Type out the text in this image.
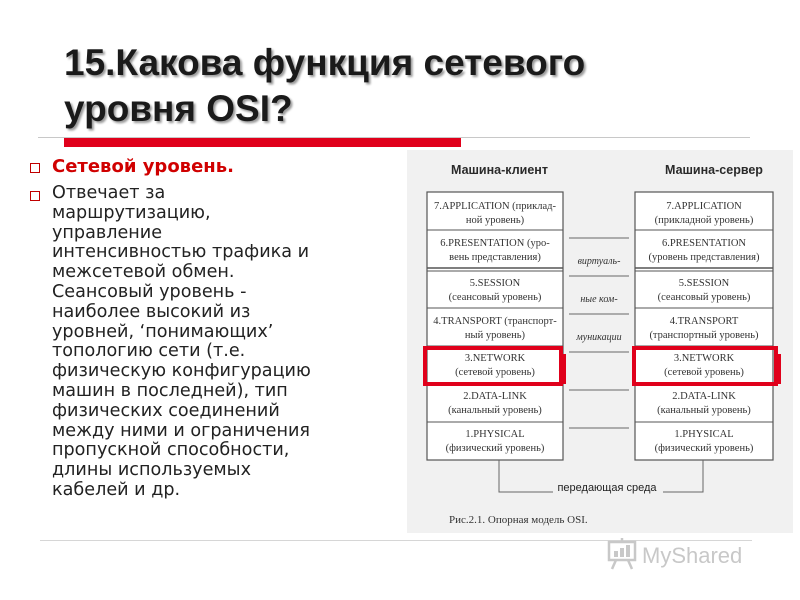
15.Какова функция сетевого
уровня OSI?
Сетевой уровень.
Отвечает за
маршрутизацию,
управление
интенсивностью трафика и
межсетевой обмен.
Сеансовый уровень -
наиболее высокий из
уровней, ‘понимающих’
топологию сети (т.е.
физическую конфигурацию
машин в последней), тип
физических соединений
между ними и ограничения
пропускной способности,
длины используемых
кабелей и др.
Машина-клиент	Машина-сервер
7.APPLICATION (приклад-
ной уровень)
6.PRESENTATION (уро-
вень представления)
5.SESSION
(сеансовый уровень)
4.TRANSPORT (транспорт-
ный уровень)
3.NETWORK
(сетевой уровень)
2.DATA-LINK
(канальный уровень)
1.PHYSICAL
(физический уровень)
7.APPLICATION
(прикладной уровень)
6.PRESENTATION
(уровень представления)
5.SESSION
(сеансовый уровень)
4.TRANSPORT
(транспортный уровень)
3.NETWORK
(сетевой уровень)
2.DATA-LINK
(канальный уровень)
1.PHYSICAL
(физический уровень)
виртуаль-
ные ком-
муникации
передающая среда
Рис.2.1. Опорная модель OSI.
MyShared
